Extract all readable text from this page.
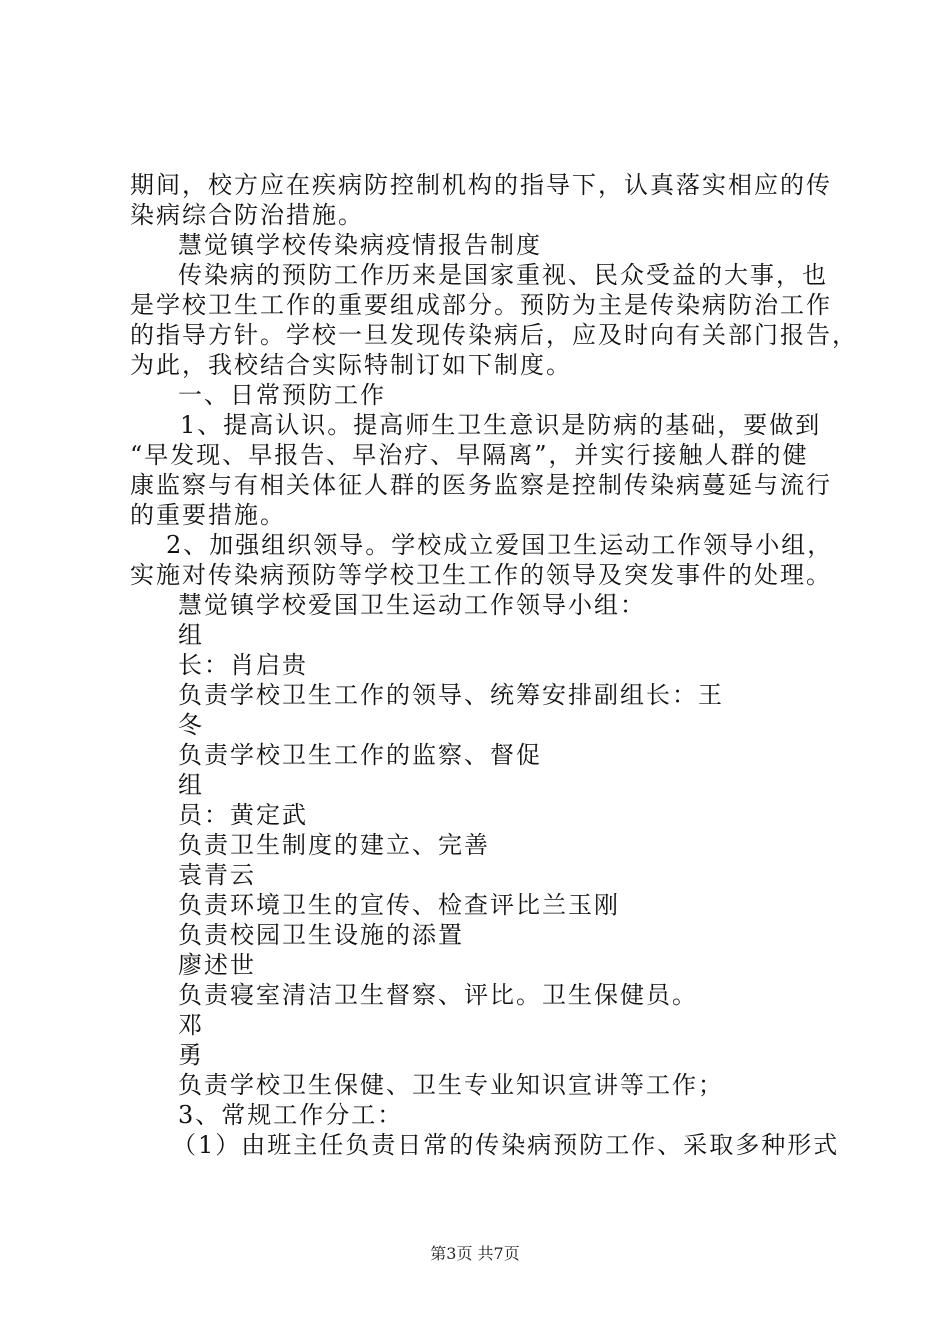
期间，校方应在疾病防控制机构的指导下，认真落实相应的传
染病综合防治措施。
慧觉镇学校传染病疫情报告制度
传染病的预防工作历来是国家重视、民众受益的大事，也
是学校卫生工作的重要组成部分。预防为主是传染病防治工作
的指导方针。学校一旦发现传染病后，应及时向有关部门报告，
为此，我校结合实际特制订如下制度。
一、日常预防工作
1、提高认识。提高师生卫生意识是防病的基础，要做到
“早发现、早报告、早治疗、早隔离”，并实行接触人群的健
康监察与有相关体征人群的医务监察是控制传染病蔓延与流行
的重要措施。
2、加强组织领导。学校成立爱国卫生运动工作领导小组，
实施对传染病预防等学校卫生工作的领导及突发事件的处理。
慧觉镇学校爱国卫生运动工作领导小组：
组
长：肖启贵
负责学校卫生工作的领导、统筹安排副组长：王
冬
负责学校卫生工作的监察、督促
组
员：黄定武
负责卫生制度的建立、完善
袁青云
负责环境卫生的宣传、检查评比兰玉刚
负责校园卫生设施的添置
廖述世
负责寝室清洁卫生督察、评比。卫生保健员。
邓
勇
负责学校卫生保健、卫生专业知识宣讲等工作；
3、常规工作分工：
（1）由班主任负责日常的传染病预防工作、采取多种形式
第3页 共7页
